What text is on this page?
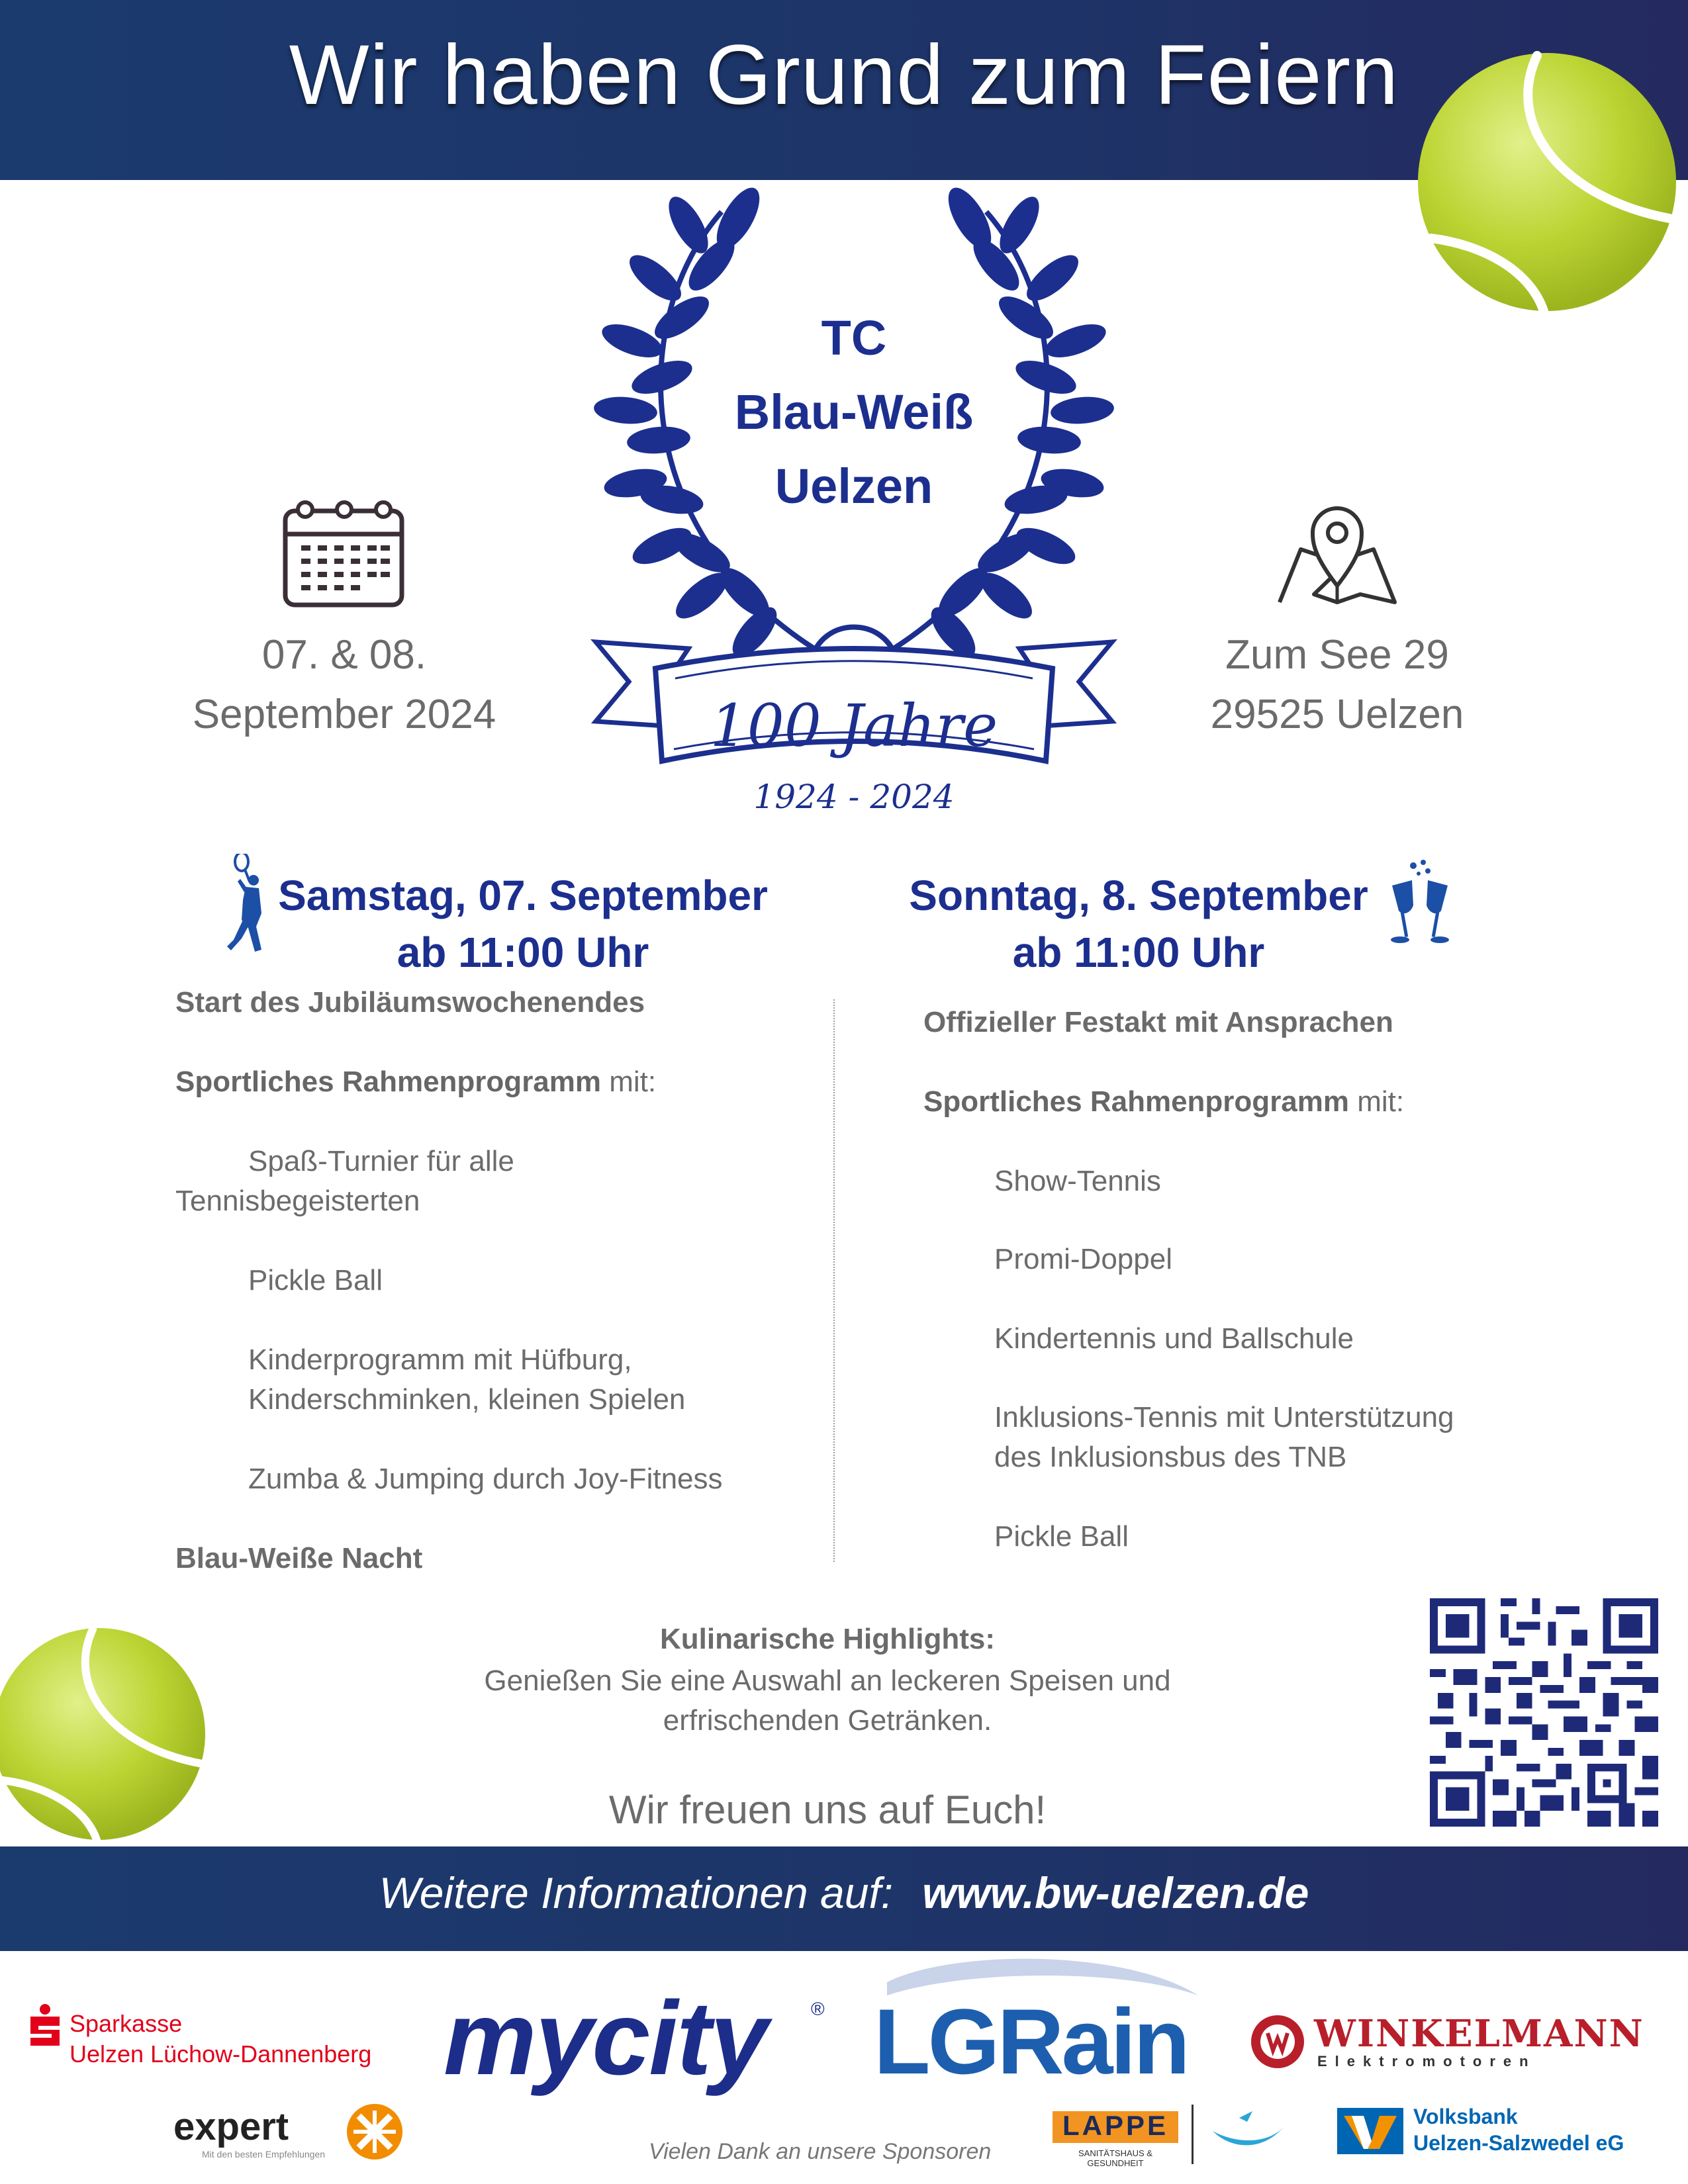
Wir haben Grund zum Feiern
TC
Blau-Weiß
Uelzen
100 Jahre
1924 - 2024
07. & 08.
September 2024
Zum See 29
29525 Uelzen
Samstag, 07. September
ab 11:00 Uhr
Start des Jubiläumswochenendes
Sportliches Rahmenprogramm mit:
Spaß-Turnier für alle
Tennisbegeisterten
Pickle Ball
Kinderprogramm mit Hüfburg,
Kinderschminken, kleinen Spielen
Zumba & Jumping durch Joy-Fitness
Blau-Weiße Nacht
Sonntag, 8. September
ab 11:00 Uhr
Offizieller Festakt mit Ansprachen
Sportliches Rahmenprogramm mit:
Show-Tennis
Promi-Doppel
Kindertennis und Ballschule
Inklusions-Tennis mit Unterstützung
des Inklusionsbus des TNB
Pickle Ball
Kulinarische Highlights:
Genießen Sie eine Auswahl an leckeren Speisen und
erfrischenden Getränken.
Wir freuen uns auf Euch!
Weitere Informationen auf: www.bw-uelzen.de
Sparkasse
Uelzen Lüchow-Dannenberg mycity ® LGRain	WINKELMANN
Elektromotoren
expert
Mit den besten Empfehlungen	Vielen Dank an unsere Sponsoren
LAPPE
SANITÄTSHAUS & GESUNDHEIT
Volksbank
Uelzen-Salzwedel eG
